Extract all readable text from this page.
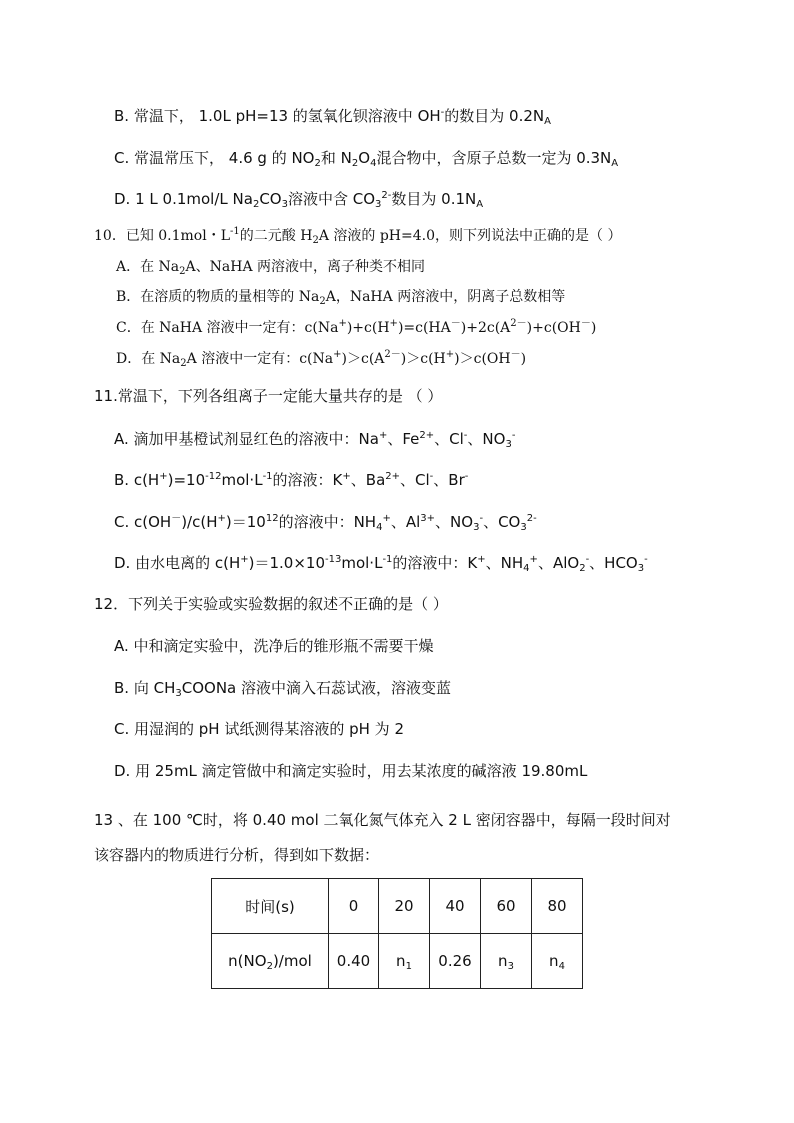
B. 常温下， 1.0L pH=13 的氢氧化钡溶液中 OH-的数目为 $0.2N_A$
C. 常温常压下， 4.6 g 的 $NO_2$和 $N_2O_4$混合物中，含原子总数一定为 $0.3N_A$
D. 1 L 0.1mol/L $Na_2CO_3$溶液中含 $CO_3^{2-}$数目为 $0.1N_A$
10．已知 0.1mol・$L^{-1}$的二元酸 $H_2A$ 溶液的 pH=4.0，则下列说法中正确的是（ ）
A．在 $Na_2A$、NaHA 两溶液中，离子种类不相同
B．在溶质的物质的量相等的 $Na_2A$，NaHA 两溶液中，阴离子总数相等
C．在 NaHA 溶液中一定有：$c(Na^+)+c(H^+)=c(HA^-)+2c(A^{2-})+c(OH^-)$
D．在 $Na_2A$ 溶液中一定有：$c(Na^+)>c(A^{2-})>c(H^+)>c(OH^-)$
11.常温下，下列各组离子一定能大量共存的是 （ ）
A. 滴加甲基橙试剂显红色的溶液中：Na+、$Fe^{2+}$、Cl-、$NO_3^-$
B. $c(H^+)=10^{-12}mol\cdot L^{-1}$的溶液：K+、$Ba^{2+}$、Cl-、Br-
C. $c(OH^-)/c(H^+)=10^{12}$的溶液中：$NH_4^+$、$Al^{3+}$、$NO_3^-$、$CO_3^{2-}$
D. 由水电离的 $c(H^+)=1.0\times 10^{-13}mol\cdot L^{-1}$的溶液中：K+、$NH_4^+$、AlO$_2$-、$HCO_3^-$
12．下列关于实验或实验数据的叙述不正确的是（ ）
A. 中和滴定实验中，洗净后的锥形瓶不需要干燥
B. 向 $CH_3COONa$ 溶液中滴入石蕊试液，溶液变蓝
C. 用湿润的 pH 试纸测得某溶液的 pH 为 2
D. 用 25mL 滴定管做中和滴定实验时，用去某浓度的碱溶液 19.80mL
13 、在 100 ℃时，将 0.40 mol 二氧化氮气体充入 2 L 密闭容器中，每隔一段时间对
该容器内的物质进行分析，得到如下数据：
时间(s)	0	20	40	60	80
$n(NO_2)$/mol	0.40	$n_1$	0.26	$n_3$	$n_4$
